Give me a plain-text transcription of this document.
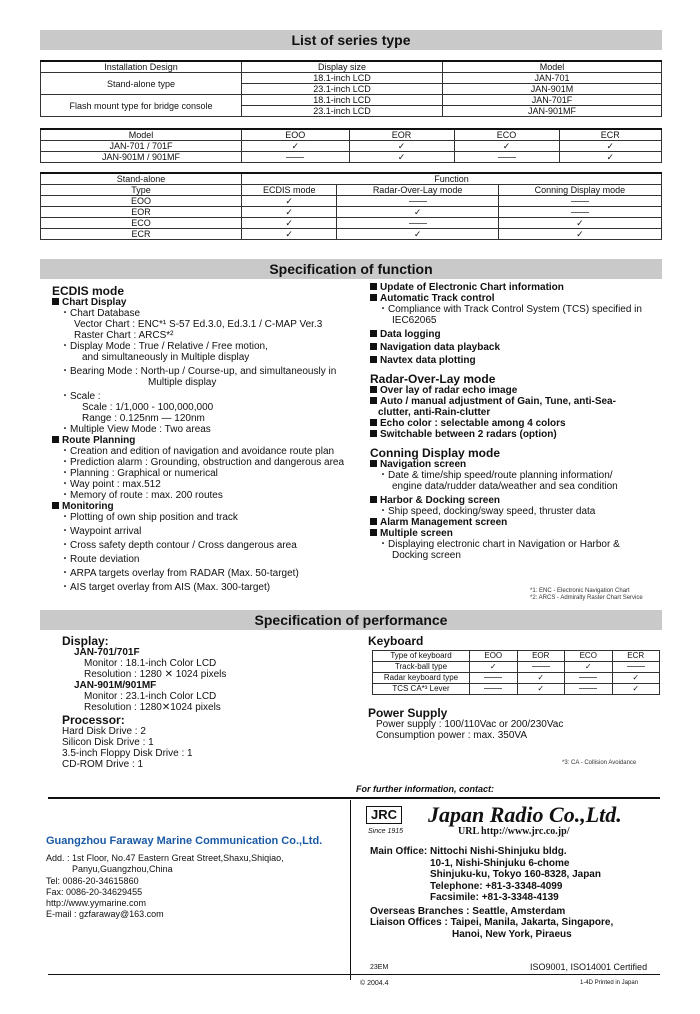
List of series type
Installation Design	Display size	Model
Stand-alone type	18.1-inch LCD	JAN-701
	23.1-inch LCD	JAN-901M
Flash mount type for bridge console	18.1-inch LCD	JAN-701F
	23.1-inch LCD	JAN-901MF
Model	EOO	EOR	ECO	ECR
JAN-701 / 701F	✓	✓	✓	✓
JAN-901M / 901MF		✓		✓
Stand-alone	Function		
Type	ECDIS mode	Radar-Over-Lay mode	Conning Display mode
EOO	✓		
EOR	✓	✓	
ECO	✓		✓
ECR	✓	✓	✓
Specification of function
ECDIS mode
Chart Display
・ Chart Database
Vector Chart : ENC*¹ S-57 Ed.3.0, Ed.3.1 / C-MAP Ver.3
Raster Chart : ARCS*²
・ Display Mode : True / Relative / Free motion,
and simultaneously in Multiple display
・ Bearing Mode : North-up / Course-up, and simultaneously in
Multiple display
・ Scale :
Scale : 1/1,000 - 100,000,000
Range : 0.125nm — 120nm
・ Multiple View Mode : Two areas
Route Planning
・ Creation and edition of navigation and avoidance route plan
・ Prediction alarm : Grounding, obstruction and dangerous area
・ Planning : Graphical or numerical
・ Way point : max.512
・ Memory of route : max. 200 routes
Monitoring
・ Plotting of own ship position and track
・ Waypoint arrival
・ Cross safety depth contour / Cross dangerous area
・ Route deviation
・ ARPA targets overlay from RADAR (Max. 50-target)
・ AIS target overlay from AIS (Max. 300-target)
Update of Electronic Chart information
Automatic Track control
・ Compliance with Track Control System (TCS) specified in
IEC62065
Data logging
Navigation data playback
Navtex data plotting
Radar-Over-Lay mode
Over lay of radar echo image
Auto / manual adjustment of Gain, Tune, anti-Sea-
clutter, anti-Rain-clutter
Echo color : selectable among 4 colors
Switchable between 2 radars (option)
Conning Display mode
Navigation screen
・ Date & time/ship speed/route planning information/
engine data/rudder data/weather and sea condition
Harbor & Docking screen
・ Ship speed, docking/sway speed, thruster data
Alarm Management screen
Multiple screen
・ Displaying electronic chart in Navigation or Harbor &
Docking screen
*1: ENC - Electronic Navigation Chart
*2: ARCS - Admiralty Raster Chart Service
Specification of performance
Display:
JAN-701/701F
Monitor : 18.1-inch Color LCD
Resolution : 1280 ✕ 1024 pixels
JAN-901M/901MF
Monitor : 23.1-inch Color LCD
Resolution : 1280✕1024 pixels
Processor:
Hard Disk Drive : 2
Silicon Disk Drive : 1
3.5-inch Floppy Disk Drive : 1
CD-ROM Drive : 1
Keyboard
Type of keyboard	EOO	EOR	ECO	ECR
Track-ball type	✓		✓	
Radar keyboard type		✓		✓
TCS CA*³ Lever		✓		✓
Power Supply
Power supply : 100/110Vac or 200/230Vac
Consumption power : max. 350VA
*3: CA - Collision Avoidance
For further information, contact:
Guangzhou Faraway Marine Communication Co.,Ltd.
Add. : 1st Floor, No.47 Eastern Great Street,Shaxu,Shiqiao,
Panyu,Guangzhou,China
Tel: 0086-20-34615860
Fax: 0086-20-34629455
http://www.yymarine.com
E-mail : gzfaraway@163.com
JRC
Since 1915
Japan Radio Co.,Ltd.
URL http://www.jrc.co.jp/
Main Office: Nittochi Nishi-Shinjuku bldg.
10-1, Nishi-Shinjuku 6-chome
Shinjuku-ku, Tokyo 160-8328, Japan
Telephone: +81-3-3348-4099
Facsimile: +81-3-3348-4139
Overseas Branches : Seattle, Amsterdam
Liaison Offices : Taipei, Manila, Jakarta, Singapore,
Hanoi, New York, Piraeus
23EM	ISO9001, ISO14001 Certified
© 2004.4	1-4D Printed in Japan
